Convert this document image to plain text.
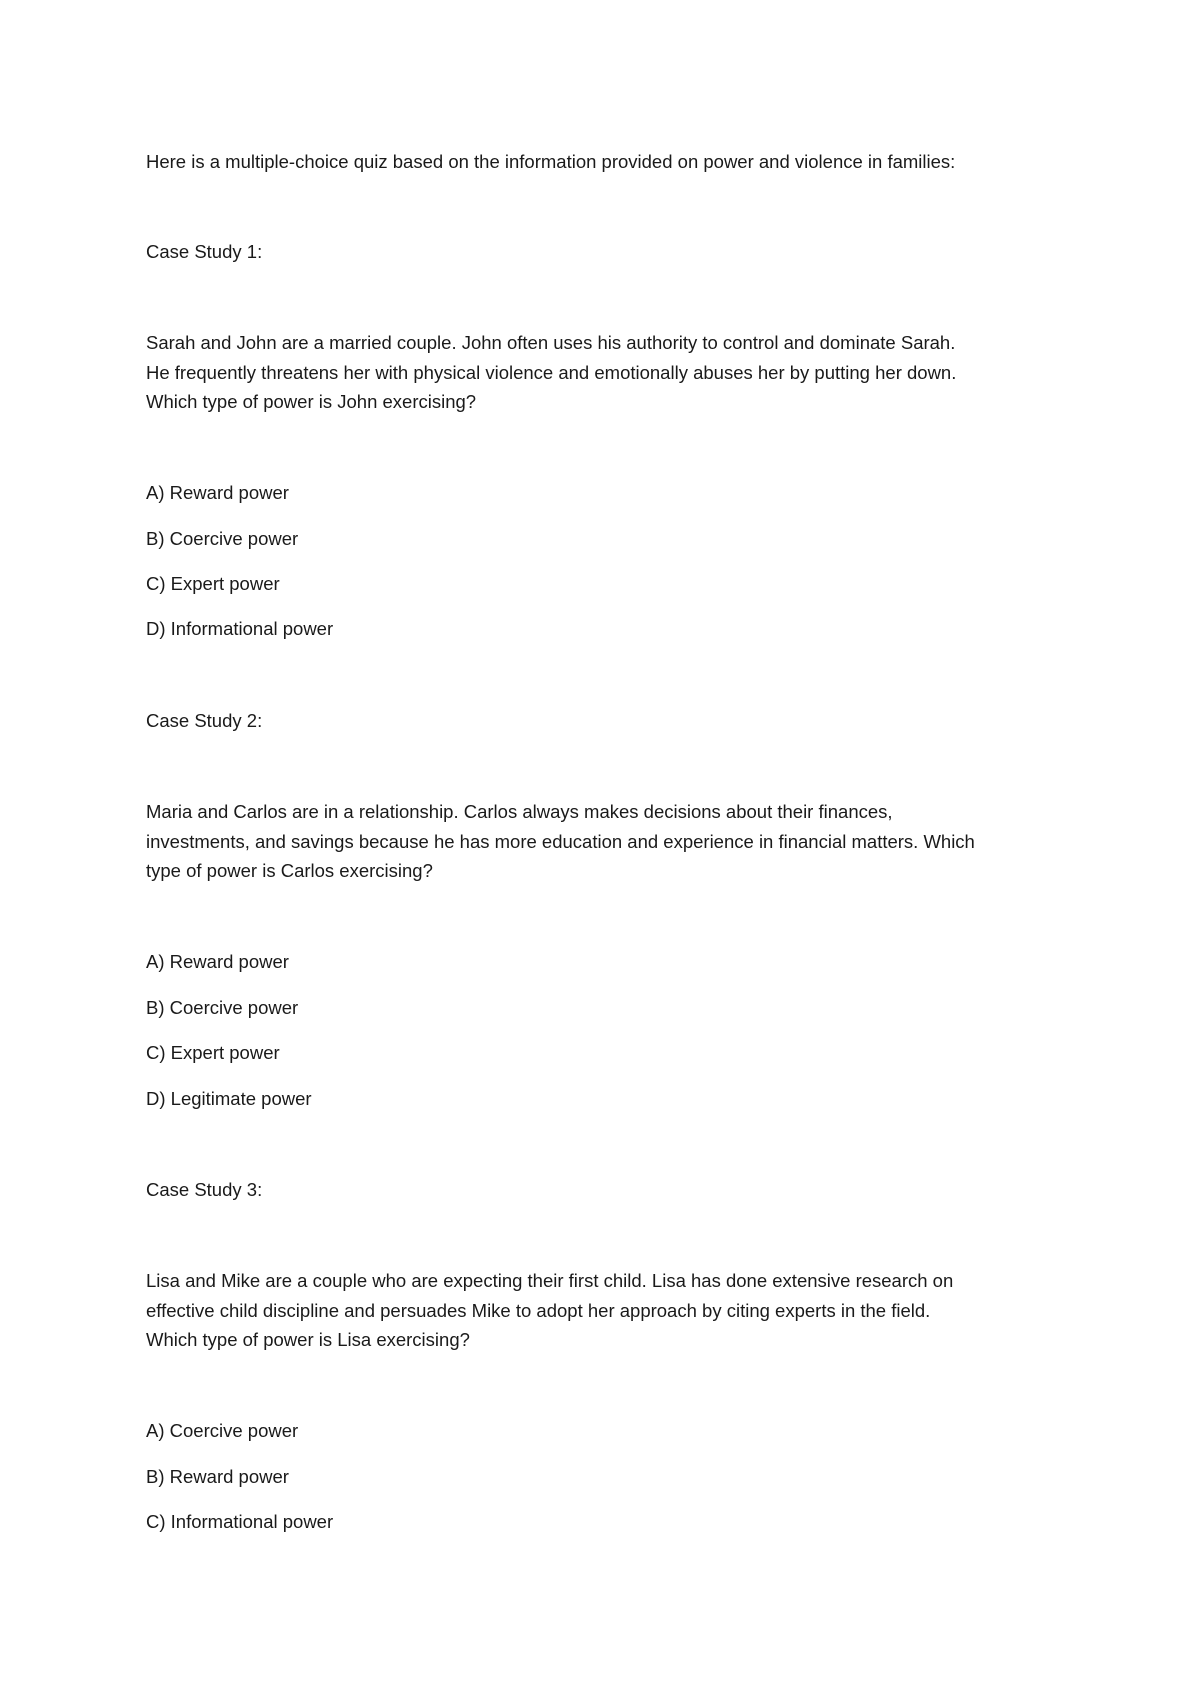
Here is a multiple-choice quiz based on the information provided on power and violence in families:

Case Study 1:

Sarah and John are a married couple. John often uses his authority to control and dominate Sarah.
He frequently threatens her with physical violence and emotionally abuses her by putting her down.
Which type of power is John exercising?

A) Reward power

B) Coercive power

C) Expert power

D) Informational power

Case Study 2:

Maria and Carlos are in a relationship. Carlos always makes decisions about their finances,
investments, and savings because he has more education and experience in financial matters. Which
type of power is Carlos exercising?

A) Reward power

B) Coercive power

C) Expert power

D) Legitimate power

Case Study 3:

Lisa and Mike are a couple who are expecting their first child. Lisa has done extensive research on
effective child discipline and persuades Mike to adopt her approach by citing experts in the field.
Which type of power is Lisa exercising?

A) Coercive power

B) Reward power

C) Informational power
